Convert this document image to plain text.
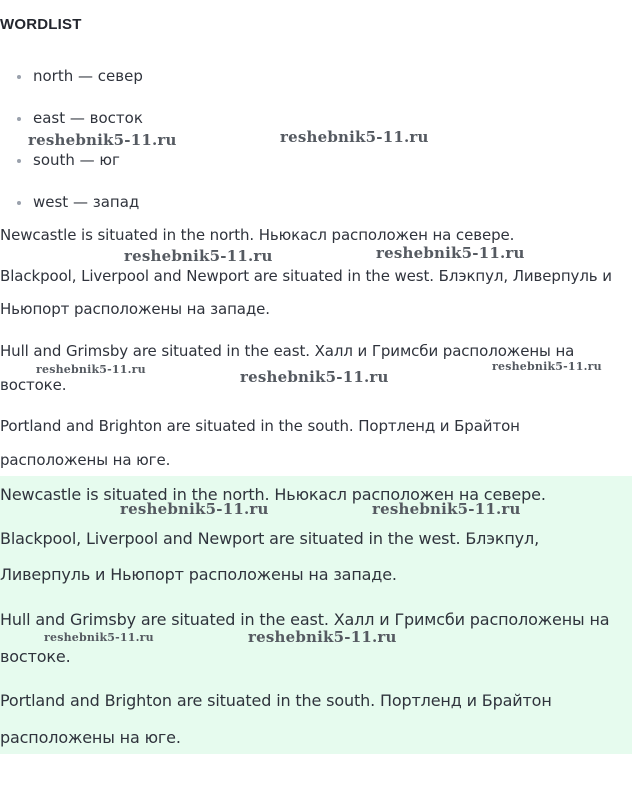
WORDLIST
north — север
east — восток
south — юг
west — запад
Newcastle is situated in the north. Ньюкасл расположен на севере.
Blackpool, Liverpool and Newport are situated in the west. Блэкпул, Ливерпуль и
Ньюпорт расположены на западе.
Hull and Grimsby are situated in the east. Халл и Гримсби расположены на
востоке.
Portland and Brighton are situated in the south. Портленд и Брайтон
расположены на юге.
Newcastle is situated in the north. Ньюкасл расположен на севере.
Blackpool, Liverpool and Newport are situated in the west. Блэкпул,
Ливерпуль и Ньюпорт расположены на западе.
Hull and Grimsby are situated in the east. Халл и Гримсби расположены на
востоке.
Portland and Brighton are situated in the south. Портленд и Брайтон
расположены на юге.
reshebnik5-11.ru	reshebnik5-11.ru
reshebnik5-11.ru	reshebnik5-11.ru
reshebnik5-11.ru	reshebnik5-11.ru
reshebnik5-11.ru
reshebnik5-11.ru	reshebnik5-11.ru
reshebnik5-11.ru	reshebnik5-11.ru
